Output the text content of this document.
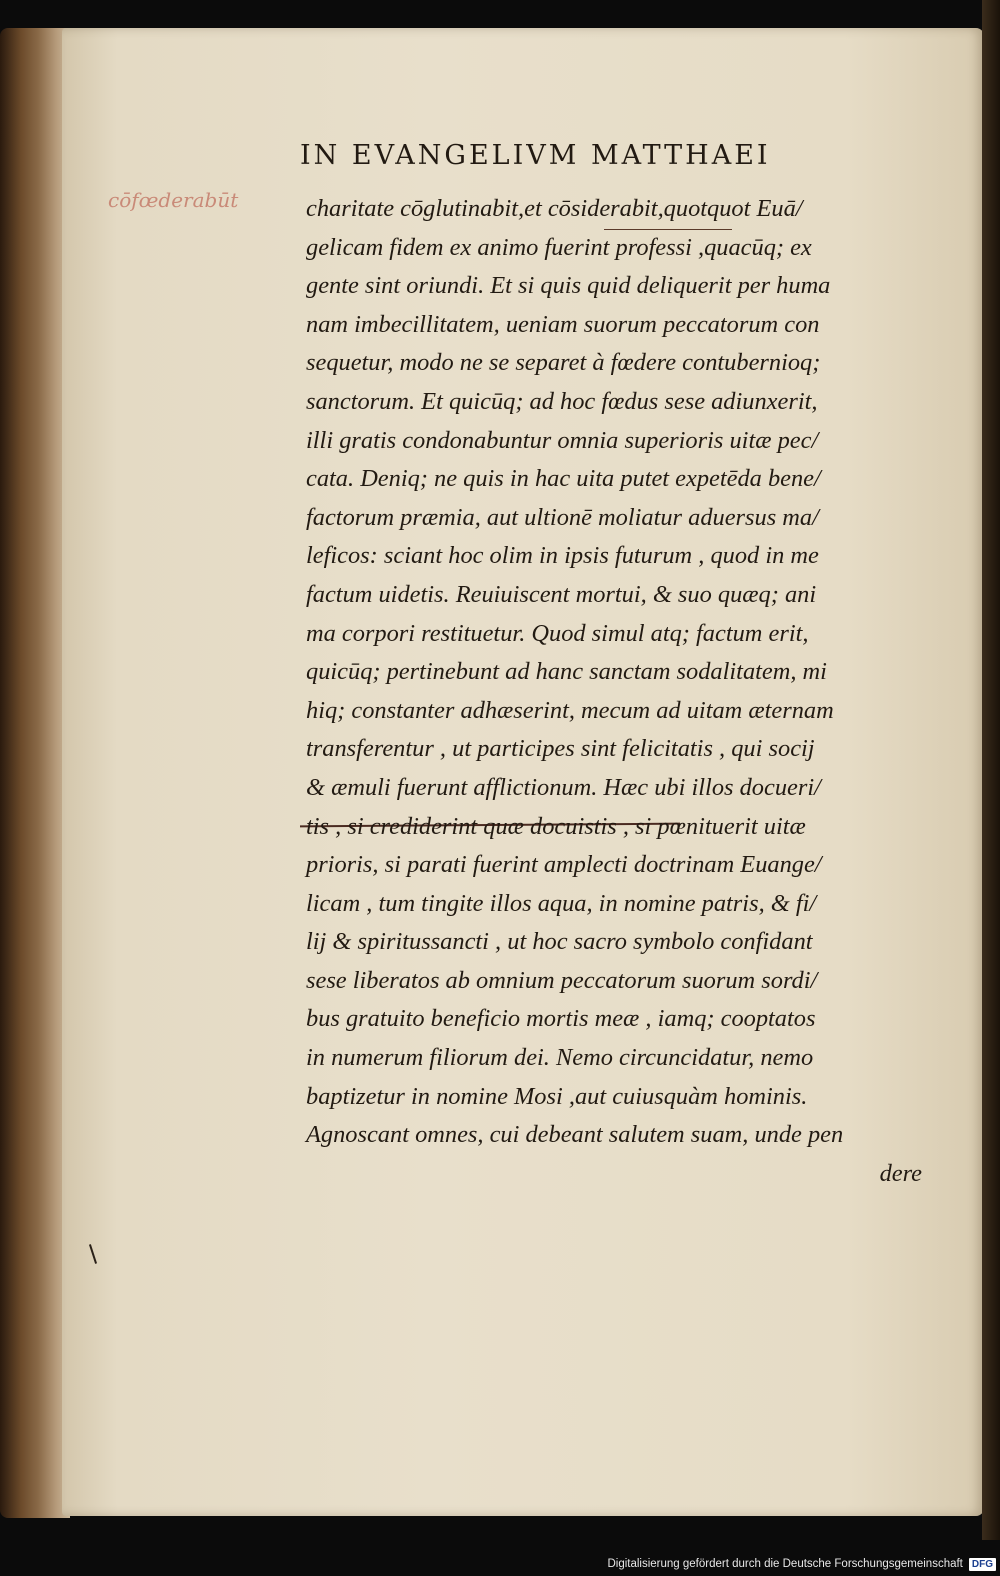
IN EVANGELIVM MATTHAEI
cōfœderabūt	charitate cōglutinabit,et cōsiderabit,quotquot Euā/
gelicam fidem ex animo fuerint professi ,quacūq; ex
gente sint oriundi. Et si quis quid deliquerit per huma
nam imbecillitatem, ueniam suorum peccatorum con
sequetur, modo ne se separet à fœdere contubernioq;
sanctorum. Et quicūq; ad hoc fœdus sese adiunxerit,
illi gratis condonabuntur omnia superioris uitæ pec/
cata. Deniq; ne quis in hac uita putet expetēda bene/
factorum præmia, aut ultionē moliatur aduersus ma/
leficos: sciant hoc olim in ipsis futurum , quod in me
factum uidetis. Reuiuiscent mortui, & suo quæq; ani
ma corpori restituetur. Quod simul atq; factum erit,
quicūq; pertinebunt ad hanc sanctam sodalitatem, mi
hiq; constanter adhæserint, mecum ad uitam æternam
transferentur , ut participes sint felicitatis , qui socij
& æmuli fuerunt afflictionum. Hæc ubi illos docueri/
tis , si crediderint quæ docuistis , si pœnituerit uitæ
prioris, si parati fuerint amplecti doctrinam Euange/
licam , tum tingite illos aqua, in nomine patris, & fi/
lij & spiritussancti , ut hoc sacro symbolo confidant
sese liberatos ab omnium peccatorum suorum sordi/
bus gratuito beneficio mortis meæ , iamq; cooptatos
in numerum filiorum dei. Nemo circuncidatur, nemo
baptizetur in nomine Mosi ,aut cuiusquàm hominis.
Agnoscant omnes, cui debeant salutem suam, unde pen
dere
Digitalisierung gefördert durch die Deutsche Forschungsgemeinschaft DFG
